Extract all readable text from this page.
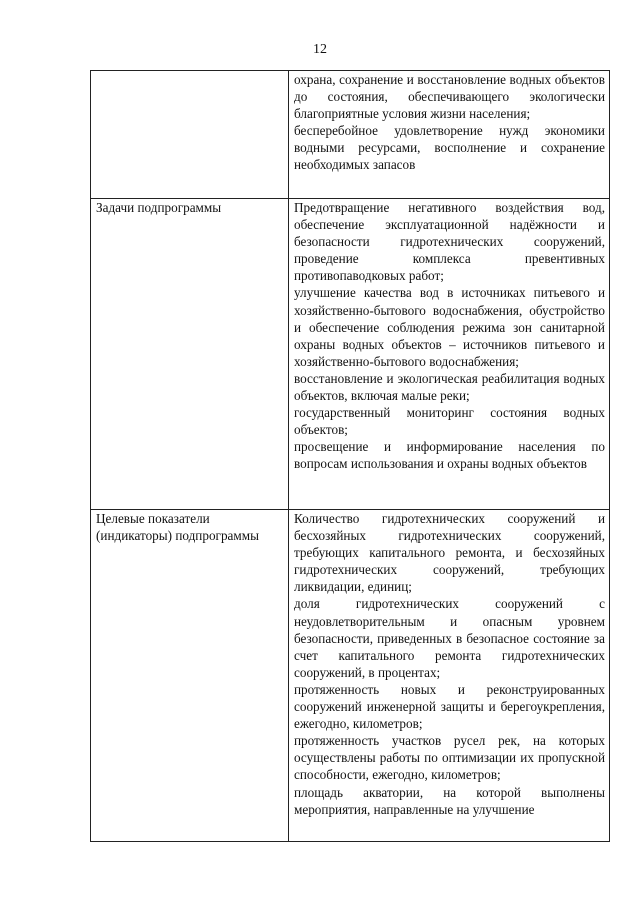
12

	охрана, сохранение и восстановление водных объектов до состояния, обеспечивающего экологически благоприятные условия жизни населения;
бесперебойное удовлетворение нужд экономики водными ресурсами, восполнение и сохранение необходимых запасов

Задачи подпрограммы	Предотвращение негативного воздействия вод, обеспечение эксплуатационной надёжности и безопасности гидротехнических сооружений, проведение комплекса превентивных противопаводковых работ;
улучшение качества вод в источниках питьевого и хозяйственно-бытового водоснабжения, обустройство и обеспечение соблюдения режима зон санитарной охраны водных объектов – источников питьевого и хозяйственно-бытового водоснабжения;
восстановление и экологическая реабилитация водных объектов, включая малые реки;
государственный мониторинг состояния водных объектов;
просвещение и информирование населения по вопросам использования и охраны водных объектов

Целевые показатели (индикаторы) подпрограммы	Количество гидротехнических сооружений и бесхозяйных гидротехнических сооружений, требующих капитального ремонта, и бесхозяйных гидротехнических сооружений, требующих ликвидации, единиц;
доля гидротехнических сооружений с неудовлетворительным и опасным уровнем безопасности, приведенных в безопасное состояние за счет капитального ремонта гидротехнических сооружений, в процентах;
протяженность новых и реконструированных сооружений инженерной защиты и берегоукрепления, ежегодно, километров;
протяженность участков русел рек, на которых осуществлены работы по оптимизации их пропускной способности, ежегодно, километров;
площадь акватории, на которой выполнены мероприятия, направленные на улучшение
